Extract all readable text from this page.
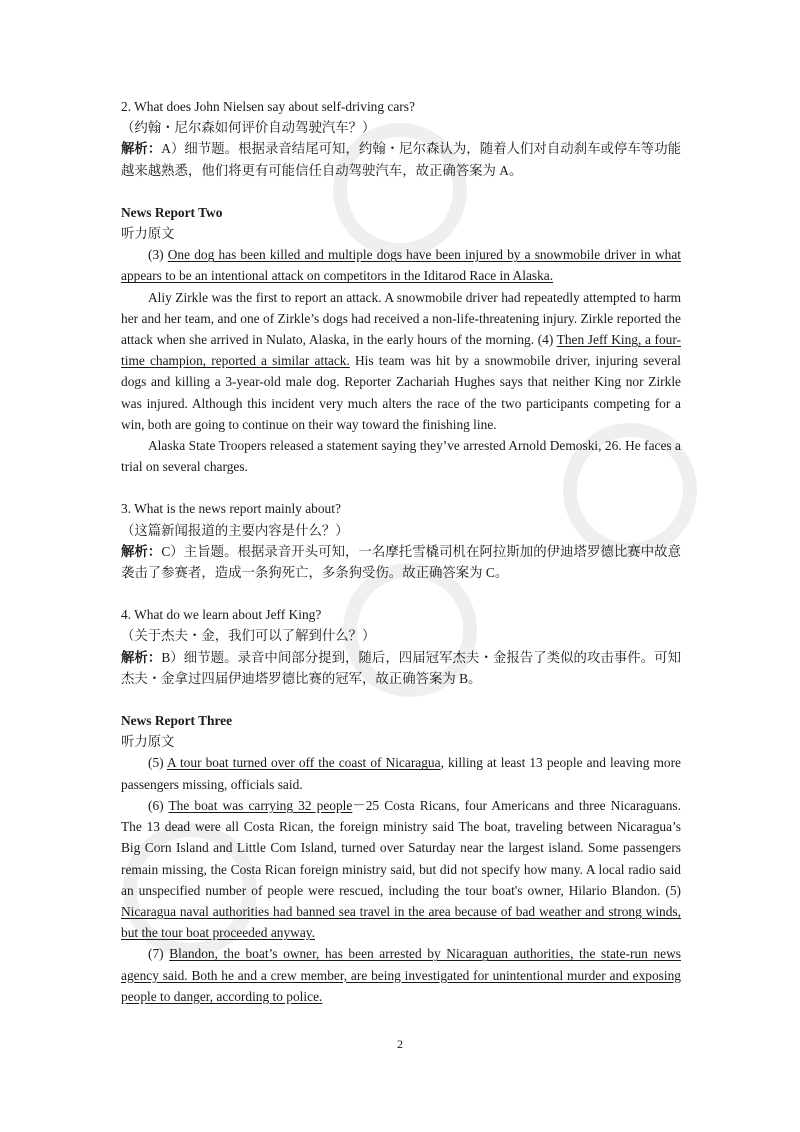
2. What does John Nielsen say about self-driving cars?
（约翰・尼尔森如何评价自动驾驶汽车？）
解析：A）细节题。根据录音结尾可知，约翰・尼尔森认为，随着人们对自动刹车或停车等功能越来越熟悉，他们将更有可能信任自动驾驶汽车，故正确答案为 A。
News Report Two
听力原文

(3) One dog has been killed and multiple dogs have been injured by a snowmobile driver in what appears to be an intentional attack on competitors in the Iditarod Race in Alaska.

Aliy Zirkle was the first to report an attack. A snowmobile driver had repeatedly attempted to harm her and her team, and one of Zirkle’s dogs had received a non-life-threatening injury. Zirkle reported the attack when she arrived in Nulato, Alaska, in the early hours of the morning. (4) Then Jeff King, a four-time champion, reported a similar attack. His team was hit by a snowmobile driver, injuring several dogs and killing a 3-year-old male dog. Reporter Zachariah Hughes says that neither King nor Zirkle was injured. Although this incident very much alters the race of the two participants competing for a win, both are going to continue on their way toward the finishing line.

Alaska State Troopers released a statement saying they’ve arrested Arnold Demoski, 26. He faces a trial on several charges.

3. What is the news report mainly about?
（这篇新闻报道的主要内容是什么？）
解析：C）主旨题。根据录音开头可知，一名摩托雪橇司机在阿拉斯加的伊迪塔罗德比赛中故意袭击了参赛者，造成一条狗死亡，多条狗受伤。故正确答案为 C。
4. What do we learn about Jeff King?
（关于杰夫・金，我们可以了解到什么？）
解析：B）细节题。录音中间部分提到，随后，四届冠军杰夫・金报告了类似的攻击事件。可知杰夫・金拿过四届伊迪塔罗德比赛的冠军，故正确答案为 B。
News Report Three
听力原文

(5) A tour boat turned over off the coast of Nicaragua, killing at least 13 people and leaving more passengers missing, officials said.

(6) The boat was carrying 32 people－25 Costa Ricans, four Americans and three Nicaraguans. The 13 dead were all Costa Rican, the foreign ministry said The boat, traveling between Nicaragua’s Big Corn Island and Little Com Island, turned over Saturday near the largest island. Some passengers remain missing, the Costa Rican foreign ministry said, but did not specify how many. A local radio said an unspecified number of people were rescued, including the tour boat's owner, Hilario Blandon. (5) Nicaragua naval authorities had banned sea travel in the area because of bad weather and strong winds, but the tour boat proceeded anyway.

(7) Blandon, the boat’s owner, has been arrested by Nicaraguan authorities, the state-run news agency said. Both he and a crew member, are being investigated for unintentional murder and exposing people to danger, according to police.

2
